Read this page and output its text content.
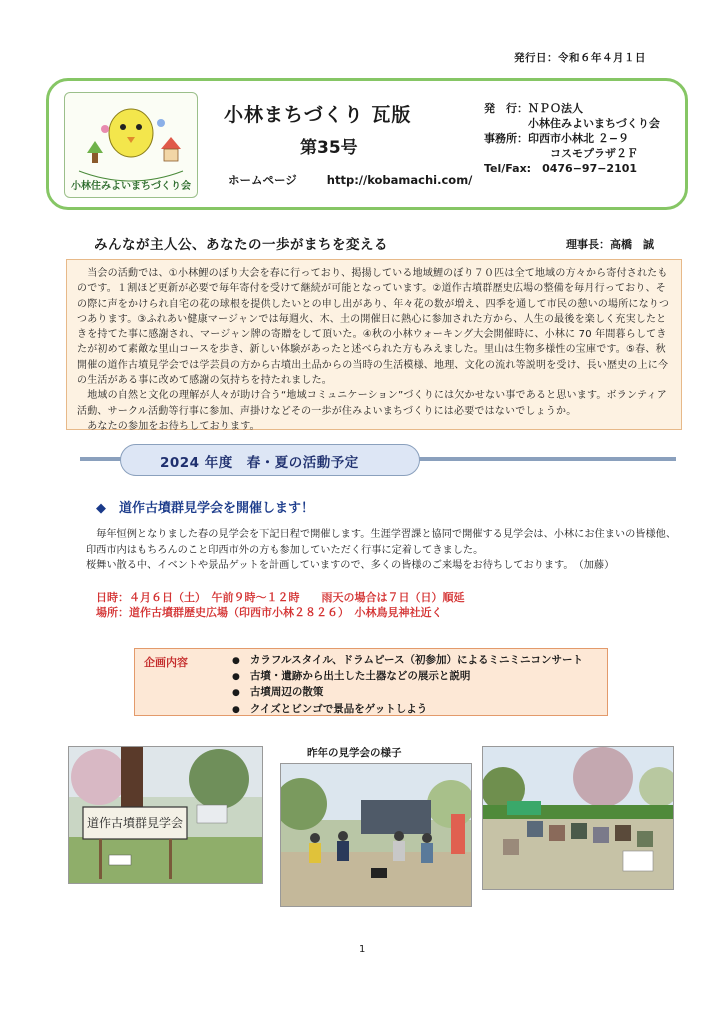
発行日：令和６年４月１日
小林住みよいまちづくり会
小林まちづくり 瓦版
第35号
ホームページ	http://kobamachi.com/
発　行：ＮＰＯ法人
　　　　小林住みよいまちづくり会
事務所：印西市小林北 ２−９
　　　　　　コスモプラザ２Ｆ
Tel/Fax:　0476−97−2101
みんなが主人公、あなたの一歩がまちを変える	理事長：高橋　誠

　当会の活動では、①小林鯉のぼり大会を春に行っており、掲揚している地域鯉のぼり７０匹は全て地域の方々から寄付されたものです。１割ほど更新が必要で毎年寄付を受けて継続が可能となっています。②道作古墳群歴史広場の整備を毎月行っており、その際に声をかけられ自宅の花の球根を提供したいとの申し出があり、年々花の数が増え、四季を通して市民の憩いの場所になりつつあります。③ふれあい健康マージャンでは毎週火、木、土の開催日に熱心に参加された方から、人生の最後を楽しく充実したときを持てた事に感謝され、マージャン牌の寄贈をして頂いた。④秋の小林ウォーキング大会開催時に、小林に 70 年間暮らしてきたが初めて素敵な里山コースを歩き、新しい体験があったと述べられた方もみえました。里山は生物多様性の宝庫です。⑤春、秋開催の道作古墳見学会では学芸員の方から古墳出土品からの当時の生活模様、地理、文化の流れ等説明を受け、長い歴史の上に今の生活がある事に改めて感謝の気持ちを持たれました。

　地域の自然と文化の理解が人々が助け合う“地域コミュニケーション”づくりには欠かせない事であると思います。ボランティア活動、サークル活動等行事に参加、声掛けなどその一歩が住みよいまちづくりには必要ではないでしょうか。

　あなたの参加をお待ちしております。

2024 年度　春・夏の活動予定
◆　道作古墳群見学会を開催します！

　毎年恒例となりました春の見学会を下記日程で開催します。生涯学習課と協同で開催する見学会は、小林にお住まいの皆様他、印西市内はもちろんのこと印西市外の方も参加していただく行事に定着してきました。

桜舞い散る中、イベントや景品ゲットを計画していますので、多くの皆様のご来場をお待ちしております。　（加藤）

日時：４月６日（土）　午前９時〜１２時　　雨天の場合は７日（日）順延
場所：道作古墳群歴史広場（印西市小林２８２６）　小林鳥見神社近く
企画内容
●	カラフルスタイル、ドラムピース（初参加）によるミニミニコンサート
● 古墳・遺跡から出土した土器などの展示と説明
● 古墳周辺の散策
● クイズとビンゴで景品をゲットしよう
昨年の見学会の様子
道作古墳群見学会
1
